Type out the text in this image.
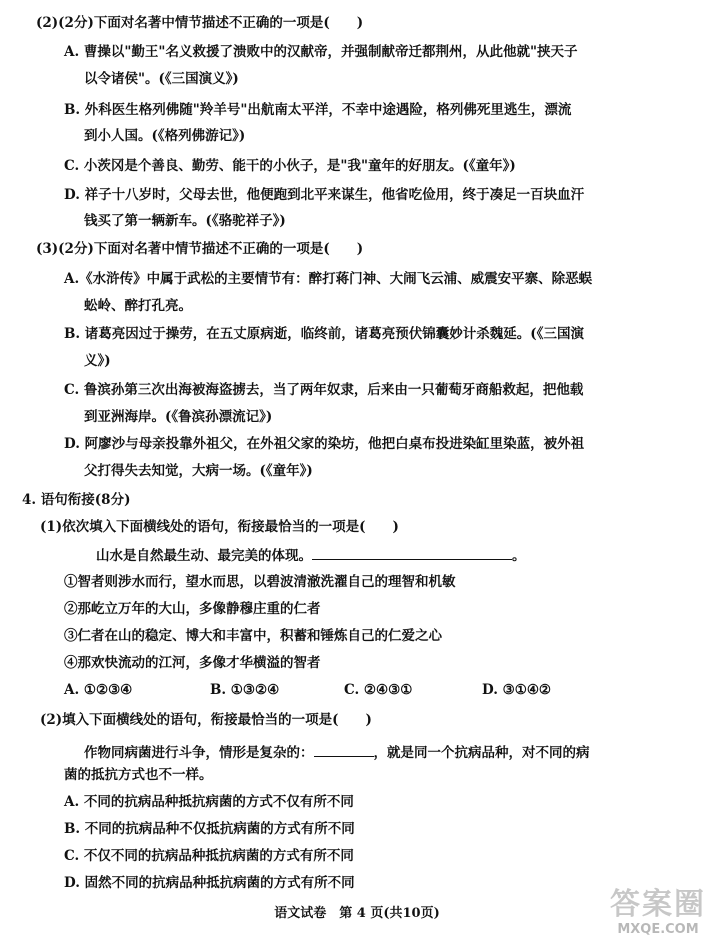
(2)(2分)下面对名著中情节描述不正确的一项是(　　)
A. 曹操以"勤王"名义救援了溃败中的汉献帝，并强制献帝迁都荆州，从此他就"挟天子
以令诸侯"。(《三国演义》)
B. 外科医生格列佛随"羚羊号"出航南太平洋，不幸中途遇险，格列佛死里逃生，漂流
到小人国。(《格列佛游记》)
C. 小茨冈是个善良、勤劳、能干的小伙子，是"我"童年的好朋友。(《童年》)
D. 祥子十八岁时，父母去世，他便跑到北平来谋生，他省吃俭用，终于凑足一百块血汗
钱买了第一辆新车。(《骆驼祥子》)
(3)(2分)下面对名著中情节描述不正确的一项是(　　)
A.《水浒传》中属于武松的主要情节有：醉打蒋门神、大闹飞云浦、威震安平寨、除恶蜈
蚣岭、醉打孔亮。
B. 诸葛亮因过于操劳，在五丈原病逝，临终前，诸葛亮预伏锦囊妙计杀魏延。(《三国演
义》)
C. 鲁滨孙第三次出海被海盗掳去，当了两年奴隶，后来由一只葡萄牙商船救起，把他载
到亚洲海岸。(《鲁滨孙漂流记》)
D. 阿廖沙与母亲投靠外祖父，在外祖父家的染坊，他把白桌布投进染缸里染蓝，被外祖
父打得失去知觉，大病一场。(《童年》)
4. 语句衔接(8分)
(1)依次填入下面横线处的语句，衔接最恰当的一项是(　　)
山水是自然最生动、最完美的体现。	。
①智者则涉水而行，望水而思，以碧波清澈洗濯自己的理智和机敏
②那屹立万年的大山，多像静穆庄重的仁者
③仁者在山的稳定、博大和丰富中，积蓄和锤炼自己的仁爱之心
④那欢快流动的江河，多像才华横溢的智者
A. ①②③④	B. ①③②④	C. ②④③①	D. ③①④②
(2)填入下面横线处的语句，衔接最恰当的一项是(　　)
作物同病菌进行斗争，情形是复杂的：	，就是同一个抗病品种，对不同的病
菌的抵抗方式也不一样。
A. 不同的抗病品种抵抗病菌的方式不仅有所不同
B. 不同的抗病品种不仅抵抗病菌的方式有所不同
C. 不仅不同的抗病品种抵抗病菌的方式有所不同
D. 固然不同的抗病品种抵抗病菌的方式有所不同
语文试卷　第 4 页(共10页)	答案圈
MXQE.COM
